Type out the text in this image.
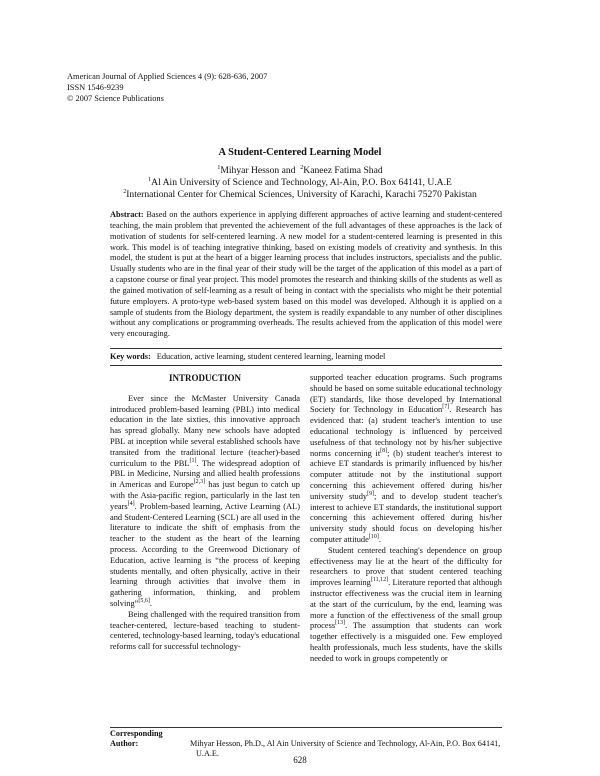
American Journal of Applied Sciences 4 (9): 628-636, 2007
ISSN 1546-9239
© 2007 Science Publications
A Student-Centered Learning Model
$^1$Mihyar Hesson and $^2$Kaneez Fatima Shad
$^1$Al Ain University of Science and Technology, Al-Ain, P.O. Box 64141, U.A.E
$^2$International Center for Chemical Sciences, University of Karachi, Karachi 75270 Pakistan
Abstract: Based on the authors experience in applying different approaches of active learning and student-centered teaching, the main problem that prevented the achievement of the full advantages of these approaches is the lack of motivation of students for self-centered learning. A new model for a student-centered learning is presented in this work. This model is of teaching integrative thinking, based on existing models of creativity and synthesis. In this model, the student is put at the heart of a bigger learning process that includes instructors, specialists and the public. Usually students who are in the final year of their study will be the target of the application of this model as a part of a capstone course or final year project. This model promotes the research and thinking skills of the students as well as the gained motivation of self-learning as a result of being in contact with the specialists who might be their potential future employers. A proto-type web-based system based on this model was developed. Although it is applied on a sample of students from the Biology department, the system is readily expandable to any number of other disciplines without any complications or programming overheads. The results achieved from the application of this model were very encouraging.
Key words: Education, active learning, student centered learning, learning model
INTRODUCTION

Ever since the McMaster University Canada introduced problem-based learning (PBL) into medical education in the late sixties, this innovative approach has spread globally. Many new schools have adopted PBL at inception while several established schools have transited from the traditional lecture (teacher)-based curriculum to the PBL[1]. The widespread adoption of PBL in Medicine, Nursing and allied health professions in Americas and Europe[2,3] has just begun to catch up with the Asia-pacific region, particularly in the last ten years[4]. Problem-based learning, Active Learning (AL) and Student-Centered Learning (SCL) are all used in the literature to indicate the shift of emphasis from the teacher to the student as the heart of the learning process. According to the Greenwood Dictionary of Education, active learning is “the process of keeping students mentally, and often physically, active in their learning through activities that involve them in gathering information, thinking, and problem solving”[5,6].

Being challenged with the required transition from teacher-centered, lecture-based teaching to student-centered, technology-based learning, today's educational reforms call for successful technology-

supported teacher education programs. Such programs should be based on some suitable educational technology (ET) standards, like those developed by International Society for Technology in Education[7]. Research has evidenced that: (a) student teacher's intention to use educational technology is influenced by perceived usefulness of that technology not by his/her subjective norms concerning it[8]; (b) student teacher's interest to achieve ET standards is primarily influenced by his/her computer attitude not by the institutional support concerning this achievement offered during his/her university study[9]; and to develop student teacher's interest to achieve ET standards, the institutional support concerning this achievement offered during his/her university study should focus on developing his/her computer attitude[10].

Student centered teaching's dependence on group effectiveness may lie at the heart of the difficulty for researchers to prove that student centered teaching improves learning[11,12]. Literature reported that although instructor effectiveness was the crucial item in learning at the start of the curriculum, by the end, learning was more a function of the effectiveness of the small group process[13]. The assumption that students can work together effectively is a misguided one. Few employed health professionals, much less students, have the skills needed to work in groups competently or

Corresponding Author:	Mihyar Hesson, Ph.D., Al Ain University of Science and Technology, Al-Ain, P.O. Box 64141,
U.A.E.
628
